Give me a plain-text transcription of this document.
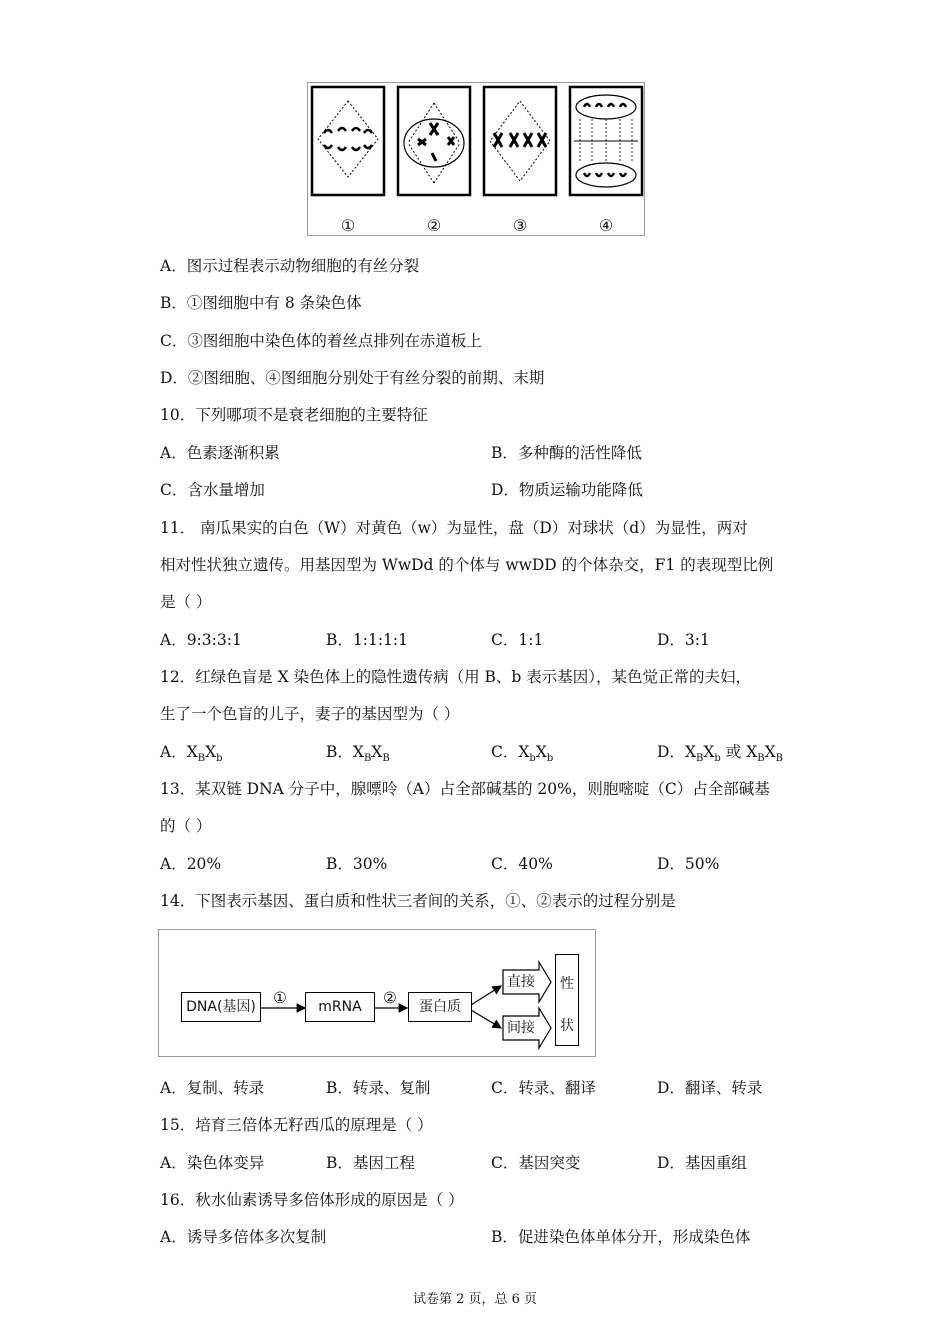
①	②	③	④
A．图示过程表示动物细胞的有丝分裂
B．①图细胞中有 8 条染色体
C．③图细胞中染色体的着丝点排列在赤道板上
D．②图细胞、④图细胞分别处于有丝分裂的前期、末期
10．下列哪项不是衰老细胞的主要特征
A．色素逐渐积累	B．多种酶的活性降低
C．含水量增加	D．物质运输功能降低
11． 南瓜果实的白色（W）对黄色（w）为显性，盘（D）对球状（d）为显性，两对
相对性状独立遗传。用基因型为 WwDd 的个体与 wwDD 的个体杂交，F1 的表现型比例
是（ ）
A．9:3:3:1	B．1:1:1:1	C．1:1	D．3:1
12．红绿色盲是 X 染色体上的隐性遗传病（用 B、b 表示基因），某色觉正常的夫妇，
生了一个色盲的儿子，妻子的基因型为（ ）
A．$X_BX_b$	B．$X_BX_B$	C．$X_bX_b$	D．$X_BX_b$ 或 $X_BX_B$
13．某双链 DNA 分子中，腺嘌呤（A）占全部碱基的 20%，则胞嘧啶（C）占全部碱基
的（ ）
A．20%	B．30%	C．40%	D．50%
14．下图表示基因、蛋白质和性状三者间的关系，①、②表示的过程分别是
DNA(基因)	①	mRNA	②	蛋白质
直接
间接
性
状
A．复制、转录	B．转录、复制	C．转录、翻译	D．翻译、转录
15．培育三倍体无籽西瓜的原理是（ ）
A．染色体变异	B．基因工程	C．基因突变	D．基因重组
16．秋水仙素诱导多倍体形成的原因是（ ）
A．诱导多倍体多次复制	B．促进染色体单体分开，形成染色体
试卷第 2 页，总 6 页
